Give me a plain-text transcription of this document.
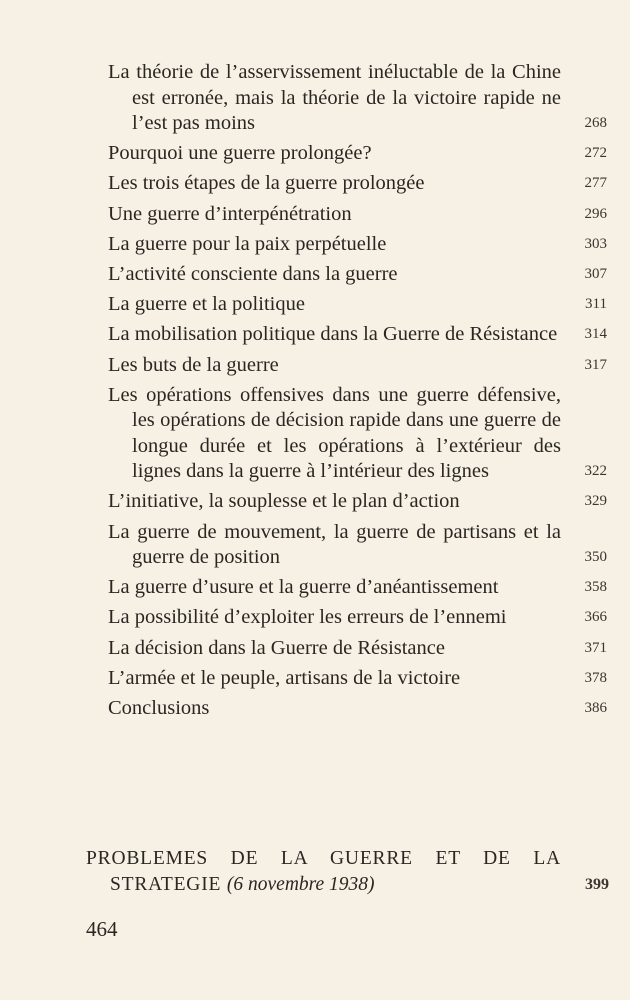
La théorie de l’asservissement inéluctable de la Chine est erronée, mais la théorie de la victoire rapide ne l’est pas moins	268
Pourquoi une guerre prolongée?	272
Les trois étapes de la guerre prolongée	277
Une guerre d’interpénétration	296
La guerre pour la paix perpétuelle	303
L’activité consciente dans la guerre	307
La guerre et la politique	311
La mobilisation politique dans la Guerre de Résistance 314
Les buts de la guerre	317
Les opérations offensives dans une guerre défensive, les opérations de décision rapide dans une guerre de longue durée et les opérations à l’extérieur des lignes dans la guerre à l’intérieur des lignes	322
L’initiative, la souplesse et le plan d’action	329
La guerre de mouvement, la guerre de partisans et la guerre de position	350
La guerre d’usure et la guerre d’anéantissement	358
La possibilité d’exploiter les erreurs de l’ennemi	366
La décision dans la Guerre de Résistance	371
L’armée et le peuple, artisans de la victoire	378
Conclusions	386
PROBLEMES DE LA GUERRE ET DE LA STRATEGIE (6 novembre 1938)	399
464
